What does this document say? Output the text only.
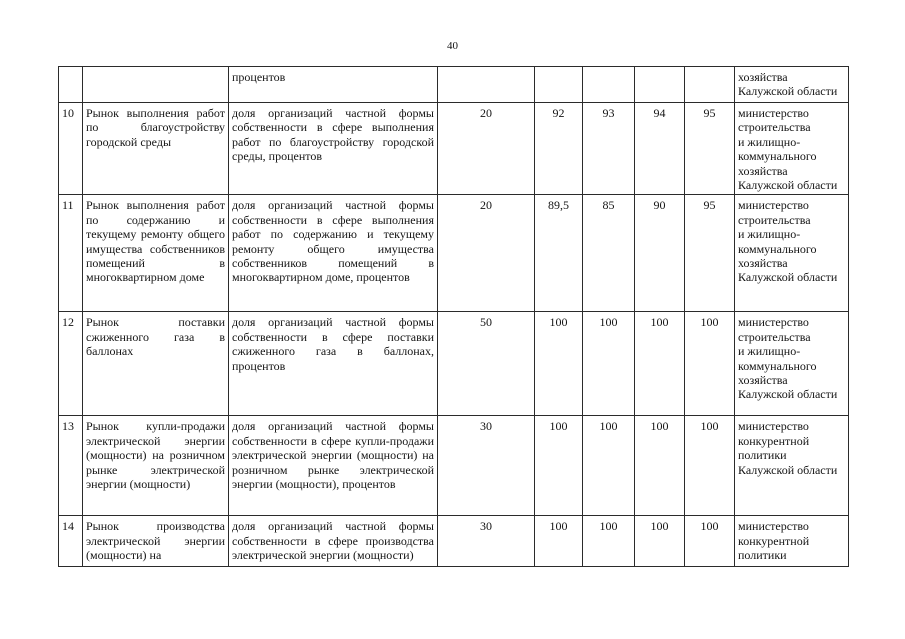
40
		процентов						хозяйства
Калужской области
10	Рынок выполнения работ по благоустройству городской среды	доля организаций частной формы собственности в сфере выполнения работ по благоустройству городской среды, процентов	20	92	93	94	95	министерство строительства
и жилищно-коммунального хозяйства
Калужской области
11	Рынок выполнения работ по содержанию и текущему ремонту общего имущества собственников помещений в многоквартирном доме	доля организаций частной формы собственности в сфере выполнения работ по содержанию и текущему ремонту общего имущества собственников помещений в многоквартирном доме, процентов	20	89,5	85	90	95	министерство строительства
и жилищно-коммунального хозяйства
Калужской области
12	Рынок поставки сжиженного газа в баллонах	доля организаций частной формы собственности в сфере поставки сжиженного газа в баллонах, процентов	50	100	100	100	100	министерство строительства
и жилищно-коммунального хозяйства
Калужской области
13	Рынок купли-продажи электрической энергии (мощности) на розничном рынке электрической энергии (мощности)	доля организаций частной формы собственности в сфере купли-продажи электрической энергии (мощности) на розничном рынке электрической энергии (мощности), процентов	30	100	100	100	100	министерство конкурентной политики
Калужской области
14	Рынок производства электрической энергии (мощности) на	доля организаций частной формы собственности в сфере производства электрической энергии (мощности)	30	100	100	100	100	министерство конкурентной политики
